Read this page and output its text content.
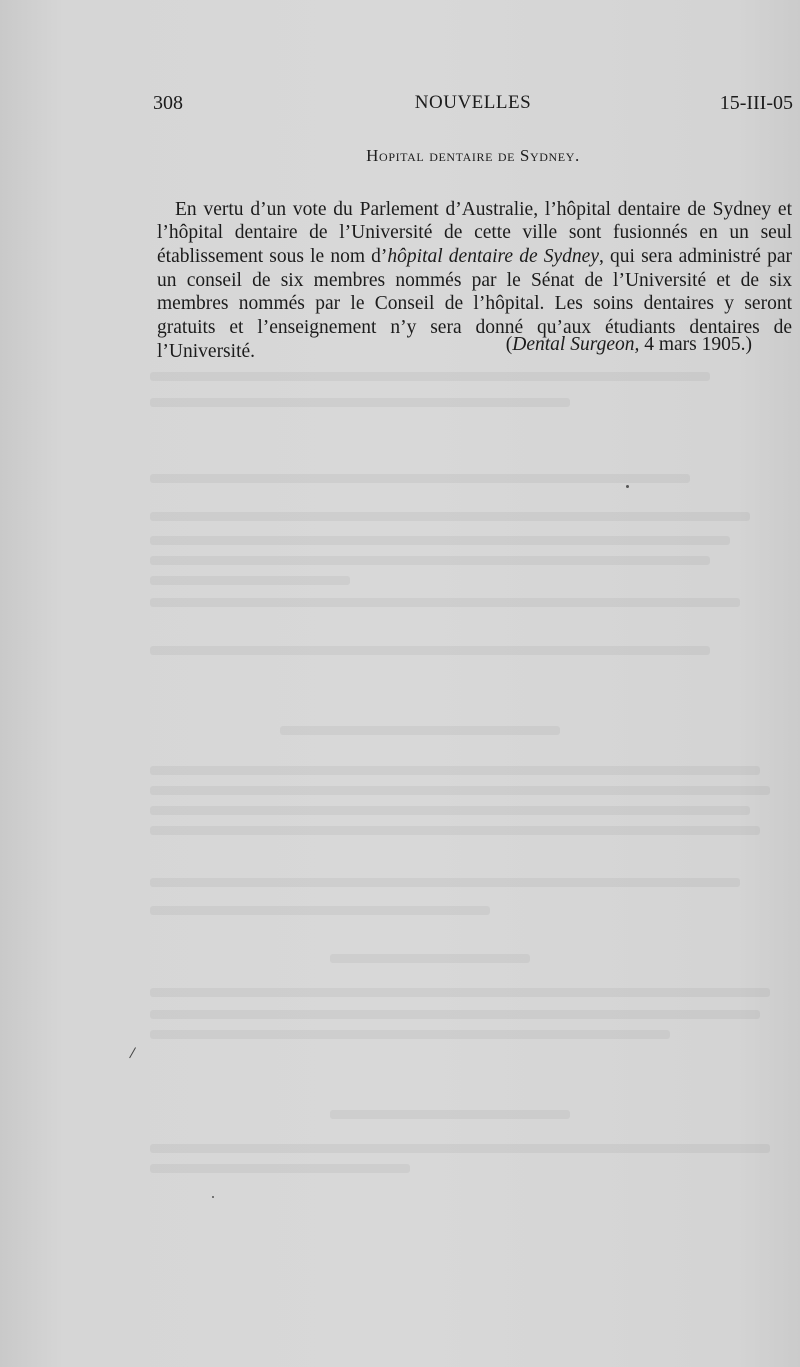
308	NOUVELLES	15-III-05
Hopital dentaire de Sydney.

En vertu d’un vote du Parlement d’Australie, l’hôpital dentaire de Sydney et l’hôpital dentaire de l’Université de cette ville sont fusionnés en un seul établissement sous le nom d’hôpital dentaire de Sydney, qui sera administré par un conseil de six membres nommés par le Sénat de l’Université et de six membres nommés par le Conseil de l’hôpital. Les soins dentaires y seront gratuits et l’enseignement n’y sera donné qu’aux étudiants dentaires de l’Université.	(Dental Surgeon, 4 mars 1905.)
